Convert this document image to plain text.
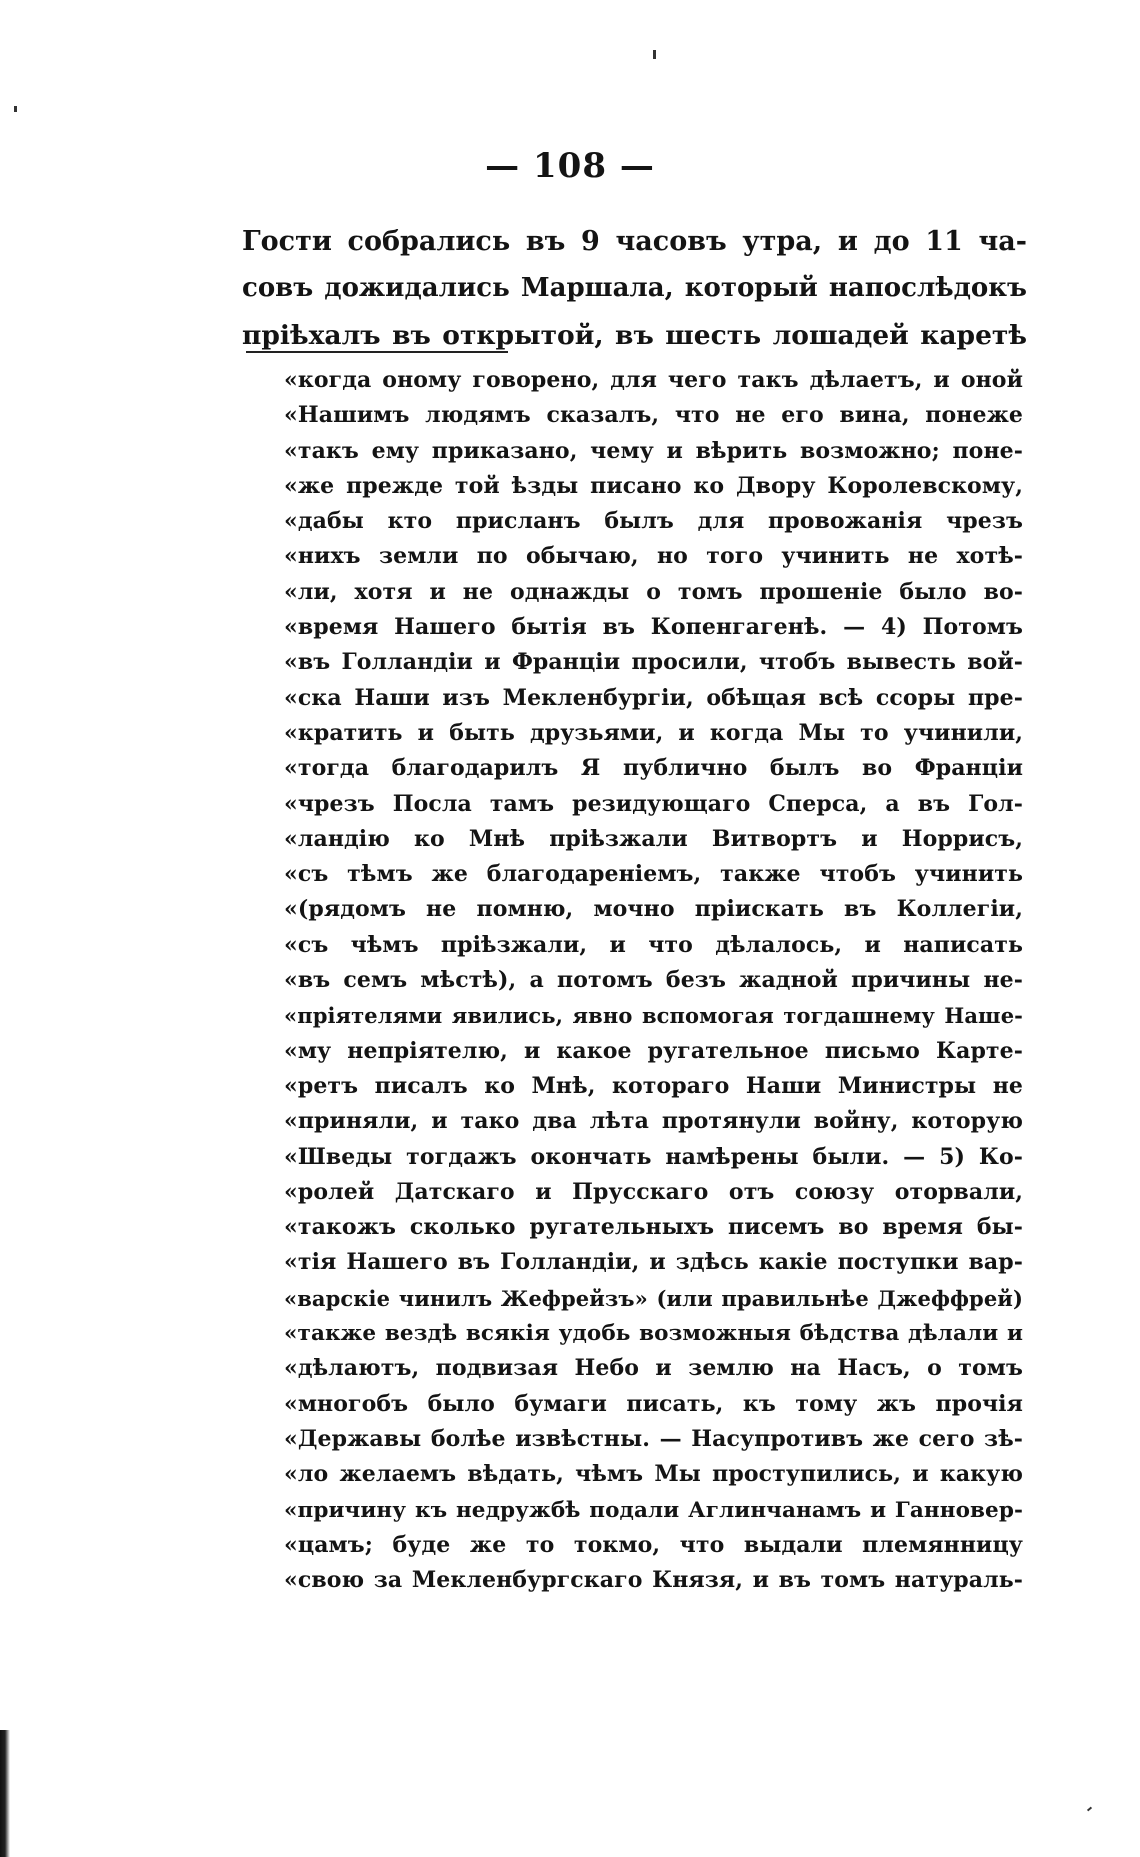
— 108 —
Гости собрались въ 9 часовъ утра, и до 11 ча-
совъ дожидались Маршала, который напослѣдокъ
пріѣхалъ въ открытой, въ шесть лошадей каретѣ
«когда оному говорено, для чего такъ дѣлаетъ, и оной
«Нашимъ людямъ сказалъ, что не его вина, понеже
«такъ ему приказано, чему и вѣрить возможно; поне-
«же прежде той ѣзды писано ко Двору Королевскому,
«дабы кто присланъ былъ для провожанія чрезъ
«нихъ земли по обычаю, но того учинить не хотѣ-
«ли, хотя и не однажды о томъ прошеніе было во-
«время Нашего бытія въ Копенгагенѣ. — 4) Потомъ
«въ Голландіи и Франціи просили, чтобъ вывесть вой-
«ска Наши изъ Мекленбургіи, обѣщая всѣ ссоры пре-
«кратить и быть друзьями, и когда Мы то учинили,
«тогда благодарилъ Я публично былъ во Франціи
«чрезъ Посла тамъ резидующаго Сперса, а въ Гол-
«ландію ко Мнѣ пріѣзжали Витвортъ и Норрисъ,
«съ тѣмъ же благодареніемъ, также чтобъ учинить
«(рядомъ не помню, мочно пріискать въ Коллегіи,
«съ чѣмъ пріѣзжали, и что дѣлалось, и написать
«въ семъ мѣстѣ), а потомъ безъ жадной причины не-
«пріятелями явились, явно вспомогая тогдашнему Наше-
«му непріятелю, и какое ругательное письмо Карте-
«ретъ писалъ ко Мнѣ, котораго Наши Министры не
«приняли, и тако два лѣта протянули войну, которую
«Шведы тогдажъ окончать намѣрены были. — 5) Ко-
«ролей Датскаго и Прусскаго отъ союзу оторвали,
«такожъ сколько ругательныхъ писемъ во время бы-
«тія Нашего въ Голландіи, и здѣсь какіе поступки вар-
«варскіе чинилъ Жефрейзъ» (или правильнѣе Джеффрей)
«также вездѣ всякія удобь возможныя бѣдства дѣлали и
«дѣлаютъ, подвизая Небо и землю на Насъ, о томъ
«многобъ было бумаги писать, къ тому жъ прочія
«Державы болѣе извѣстны. — Насупротивъ же сего зѣ-
«ло желаемъ вѣдать, чѣмъ Мы проступились, и какую
«причину къ недружбѣ подали Аглинчанамъ и Ганновер-
«цамъ; буде же то токмо, что выдали племянницу
«свою за Мекленбургскаго Князя, и въ томъ натураль-
